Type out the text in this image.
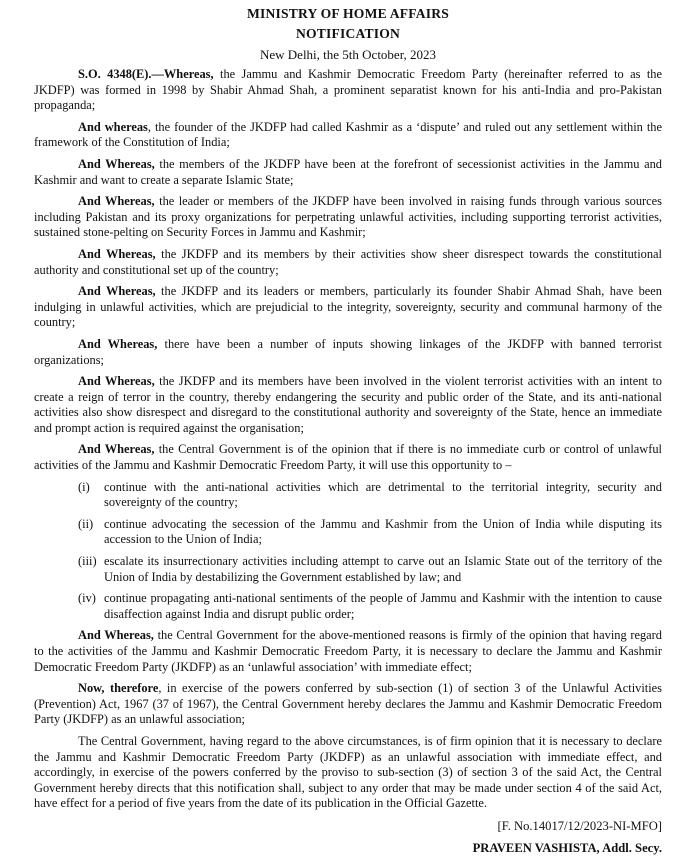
MINISTRY OF HOME AFFAIRS
NOTIFICATION
New Delhi, the 5th October, 2023

S.O. 4348(E).—Whereas, the Jammu and Kashmir Democratic Freedom Party (hereinafter referred to as the JKDFP) was formed in 1998 by Shabir Ahmad Shah, a prominent separatist known for his anti-India and pro-Pakistan propaganda;

And whereas, the founder of the JKDFP had called Kashmir as a ‘dispute’ and ruled out any settlement within the framework of the Constitution of India;

And Whereas, the members of the JKDFP have been at the forefront of secessionist activities in the Jammu and Kashmir and want to create a separate Islamic State;

And Whereas, the leader or members of the JKDFP have been involved in raising funds through various sources including Pakistan and its proxy organizations for perpetrating unlawful activities, including supporting terrorist activities, sustained stone-pelting on Security Forces in Jammu and Kashmir;

And Whereas, the JKDFP and its members by their activities show sheer disrespect towards the constitutional authority and constitutional set up of the country;

And Whereas, the JKDFP and its leaders or members, particularly its founder Shabir Ahmad Shah, have been indulging in unlawful activities, which are prejudicial to the integrity, sovereignty, security and communal harmony of the country;

And Whereas, there have been a number of inputs showing linkages of the JKDFP with banned terrorist organizations;

And Whereas, the JKDFP and its members have been involved in the violent terrorist activities with an intent to create a reign of terror in the country, thereby endangering the security and public order of the State, and its anti-national activities also show disrespect and disregard to the constitutional authority and sovereignty of the State, hence an immediate and prompt action is required against the organisation;

And Whereas, the Central Government is of the opinion that if there is no immediate curb or control of unlawful activities of the Jammu and Kashmir Democratic Freedom Party, it will use this opportunity to –

(i) continue with the anti-national activities which are detrimental to the territorial integrity, security and sovereignty of the country;
(ii) continue advocating the secession of the Jammu and Kashmir from the Union of India while disputing its accession to the Union of India;
(iii) escalate its insurrectionary activities including attempt to carve out an Islamic State out of the territory of the Union of India by destabilizing the Government established by law; and
(iv) continue propagating anti-national sentiments of the people of Jammu and Kashmir with the intention to cause disaffection against India and disrupt public order;

And Whereas, the Central Government for the above-mentioned reasons is firmly of the opinion that having regard to the activities of the Jammu and Kashmir Democratic Freedom Party, it is necessary to declare the Jammu and Kashmir Democratic Freedom Party (JKDFP) as an ‘unlawful association’ with immediate effect;

Now, therefore, in exercise of the powers conferred by sub-section (1) of section 3 of the Unlawful Activities (Prevention) Act, 1967 (37 of 1967), the Central Government hereby declares the Jammu and Kashmir Democratic Freedom Party (JKDFP) as an unlawful association;

The Central Government, having regard to the above circumstances, is of firm opinion that it is necessary to declare the Jammu and Kashmir Democratic Freedom Party (JKDFP) as an unlawful association with immediate effect, and accordingly, in exercise of the powers conferred by the proviso to sub-section (3) of section 3 of the said Act, the Central Government hereby directs that this notification shall, subject to any order that may be made under section 4 of the said Act, have effect for a period of five years from the date of its publication in the Official Gazette.

[F. No.14017/12/2023-NI-MFO]
PRAVEEN VASHISTA, Addl. Secy.
